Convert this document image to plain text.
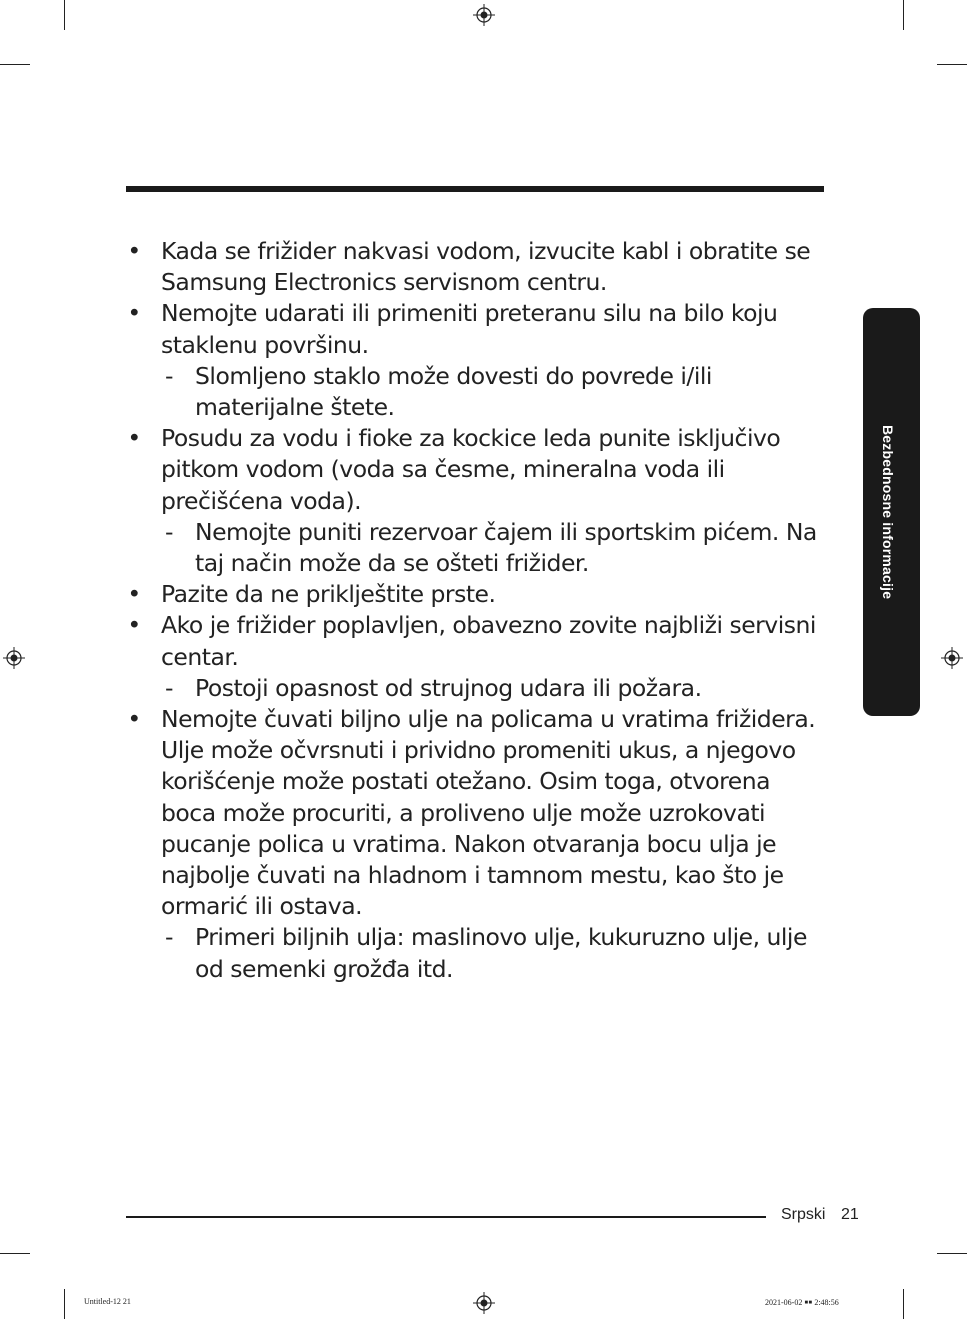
• Kada se frižider nakvasi vodom, izvucite kabl i obratite se Samsung Electronics servisnom centru.
• Nemojte udarati ili primeniti preteranu silu na bilo koju staklenu površinu.
- Slomljeno staklo može dovesti do povrede i/ili materijalne štete.
• Posudu za vodu i fioke za kockice leda punite isključivo pitkom vodom (voda sa česme, mineralna voda ili prečišćena voda).
- Nemojte puniti rezervoar čajem ili sportskim pićem. Na taj način može da se ošteti frižider.
• Pazite da ne priklještite prste.
• Ako je frižider poplavljen, obavezno zovite najbliži servisni centar.
- Postoji opasnost od strujnog udara ili požara.
• Nemojte čuvati biljno ulje na policama u vratima frižidera. Ulje može očvrsnuti i prividno promeniti ukus, a njegovo korišćenje može postati otežano. Osim toga, otvorena boca može procuriti, a proliveno ulje može uzrokovati pucanje polica u vratima. Nakon otvaranja bocu ulja je najbolje čuvati na hladnom i tamnom mestu, kao što je ormarić ili ostava.
- Primeri biljnih ulja: maslinovo ulje, kukuruzno ulje, ulje od semenki grožđa itd.
Bezbednosne informacije
Srpski 21
Untitled-12 21	2021-06-02 ￭￭ 2:48:56
